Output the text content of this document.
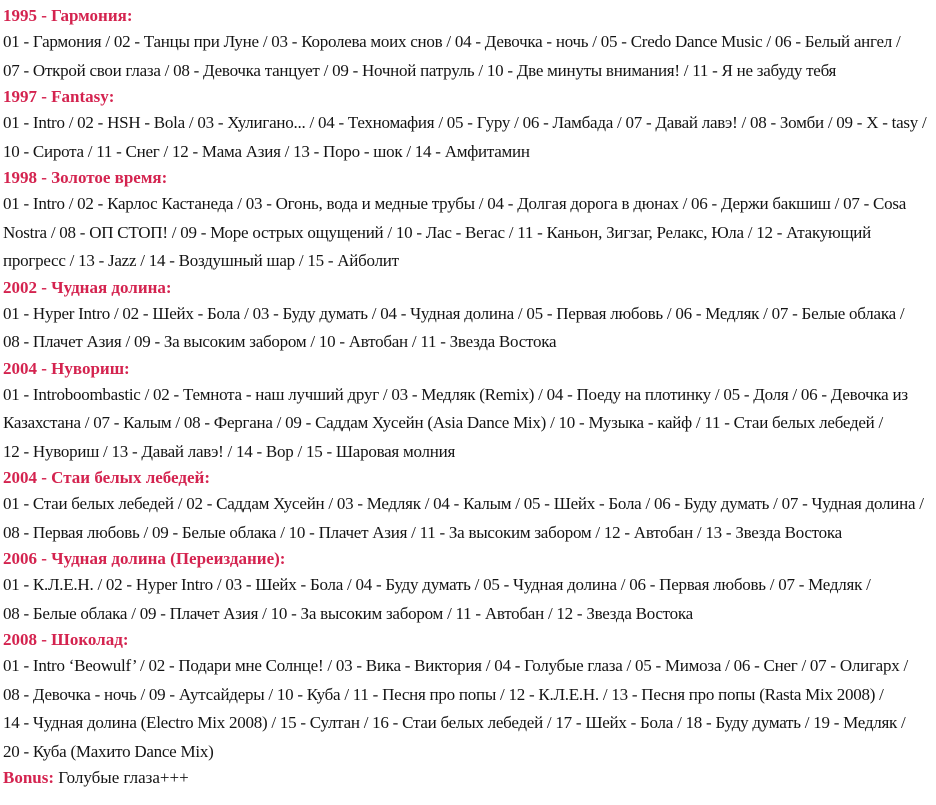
1995 - Гармония:
01 - Гармония / 02 - Танцы при Луне / 03 - Королева моих снов / 04 - Девочка - ночь / 05 - Credo Dance Music / 06 - Белый ангел /
07 - Открой свои глаза / 08 - Девочка танцует / 09 - Ночной патруль / 10 - Две минуты внимания! / 11 - Я не забуду тебя
1997 - Fantasy:
01 - Intro / 02 - HSH - Bola / 03 - Хулигано... / 04 - Техномафия / 05 - Гуру / 06 - Ламбада / 07 - Давай лавэ! / 08 - Зомби / 09 - X - tasy /
10 - Сирота / 11 - Снег / 12 - Мама Азия / 13 - Поро - шок / 14 - Амфитамин
1998 - Золотое время:
01 - Intro / 02 - Карлос Кастанеда / 03 - Огонь, вода и медные трубы / 04 - Долгая дорога в дюнах / 06 - Держи бакшиш / 07 - Cosa
Nostra / 08 - ОП СТОП! / 09 - Море острых ощущений / 10 - Лас - Вегас / 11 - Каньон, Зигзаг, Релакс, Юла / 12 - Атакующий
прогресс / 13 - Jazz / 14 - Воздушный шар / 15 - Айболит
2002 - Чудная долина:
01 - Hyper Intro / 02 - Шейх - Бола / 03 - Буду думать / 04 - Чудная долина / 05 - Первая любовь / 06 - Медляк / 07 - Белые облака /
08 - Плачет Азия / 09 - За высоким забором / 10 - Автобан / 11 - Звезда Востока
2004 - Нувориш:
01 - Introboombastic / 02 - Темнота - наш лучший друг / 03 - Медляк (Remix) / 04 - Поеду на плотинку / 05 - Доля / 06 - Девочка из
Казахстана / 07 - Калым / 08 - Фергана / 09 - Саддам Хусейн (Asia Dance Mix) / 10 - Музыка - кайф / 11 - Стаи белых лебедей /
12 - Нувориш / 13 - Давай лавэ! / 14 - Вор / 15 - Шаровая молния
2004 - Стаи белых лебедей:
01 - Стаи белых лебедей / 02 - Саддам Хусейн / 03 - Медляк / 04 - Калым / 05 - Шейх - Бола / 06 - Буду думать / 07 - Чудная долина /
08 - Первая любовь / 09 - Белые облака / 10 - Плачет Азия / 11 - За высоким забором / 12 - Автобан / 13 - Звезда Востока
2006 - Чудная долина (Переиздание):
01 - К.Л.Е.Н. / 02 - Hyper Intro / 03 - Шейх - Бола / 04 - Буду думать / 05 - Чудная долина / 06 - Первая любовь / 07 - Медляк /
08 - Белые облака / 09 - Плачет Азия / 10 - За высоким забором / 11 - Автобан / 12 - Звезда Востока
2008 - Шоколад:
01 - Intro ‘Beowulf’ / 02 - Подари мне Солнце! / 03 - Вика - Виктория / 04 - Голубые глаза / 05 - Мимоза / 06 - Снег / 07 - Олигарх /
08 - Девочка - ночь / 09 - Аутсайдеры / 10 - Куба / 11 - Песня про попы / 12 - К.Л.Е.Н. / 13 - Песня про попы (Rasta Mix 2008) /
14 - Чудная долина (Electro Mix 2008) / 15 - Султан / 16 - Стаи белых лебедей / 17 - Шейх - Бола / 18 - Буду думать / 19 - Медляк /
20 - Куба (Махито Dance Mix)
Bonus: Голубые глаза+++
